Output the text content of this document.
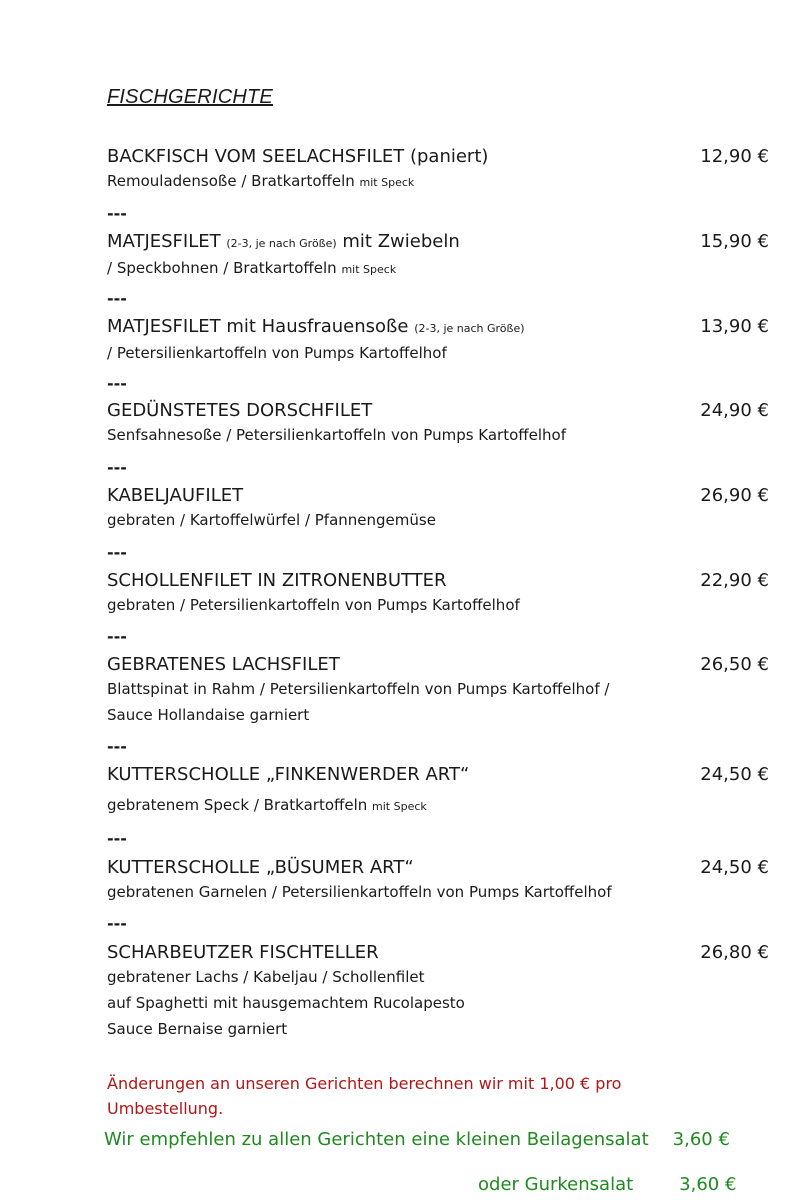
FISCHGERICHTE
BACKFISCH VOM SEELACHSFILET (paniert)	12,90 €
Remouladensoße / Bratkartoffeln mit Speck
---
MATJESFILET (2-3, je nach Größe) mit Zwiebeln	15,90 €
/ Speckbohnen / Bratkartoffeln mit Speck
---
MATJESFILET mit Hausfrauensoße (2-3, je nach Größe)	13,90 €
/ Petersilienkartoffeln von Pumps Kartoffelhof
---
GEDÜNSTETES DORSCHFILET	24,90 €
Senfsahnesoße / Petersilienkartoffeln von Pumps Kartoffelhof
---
KABELJAUFILET	26,90 €
gebraten / Kartoffelwürfel / Pfannengemüse
---
SCHOLLENFILET IN ZITRONENBUTTER	22,90 €
gebraten / Petersilienkartoffeln von Pumps Kartoffelhof
---
GEBRATENES LACHSFILET	26,50 €
Blattspinat in Rahm / Petersilienkartoffeln von Pumps Kartoffelhof /
Sauce Hollandaise garniert
---
KUTTERSCHOLLE „FINKENWERDER ART“	24,50 €
gebratenem Speck / Bratkartoffeln mit Speck
---
KUTTERSCHOLLE „BÜSUMER ART“	24,50 €
gebratenen Garnelen / Petersilienkartoffeln von Pumps Kartoffelhof
---
SCHARBEUTZER FISCHTELLER	26,80 €
gebratener Lachs / Kabeljau / Schollenfilet
auf Spaghetti mit hausgemachtem Rucolapesto
Sauce Bernaise garniert
Änderungen an unseren Gerichten berechnen wir mit 1,00 € pro
Umbestellung.
Wir empfehlen zu allen Gerichten eine kleinen Beilagensalat 3,60 €
oder Gurkensalat	3,60 €
